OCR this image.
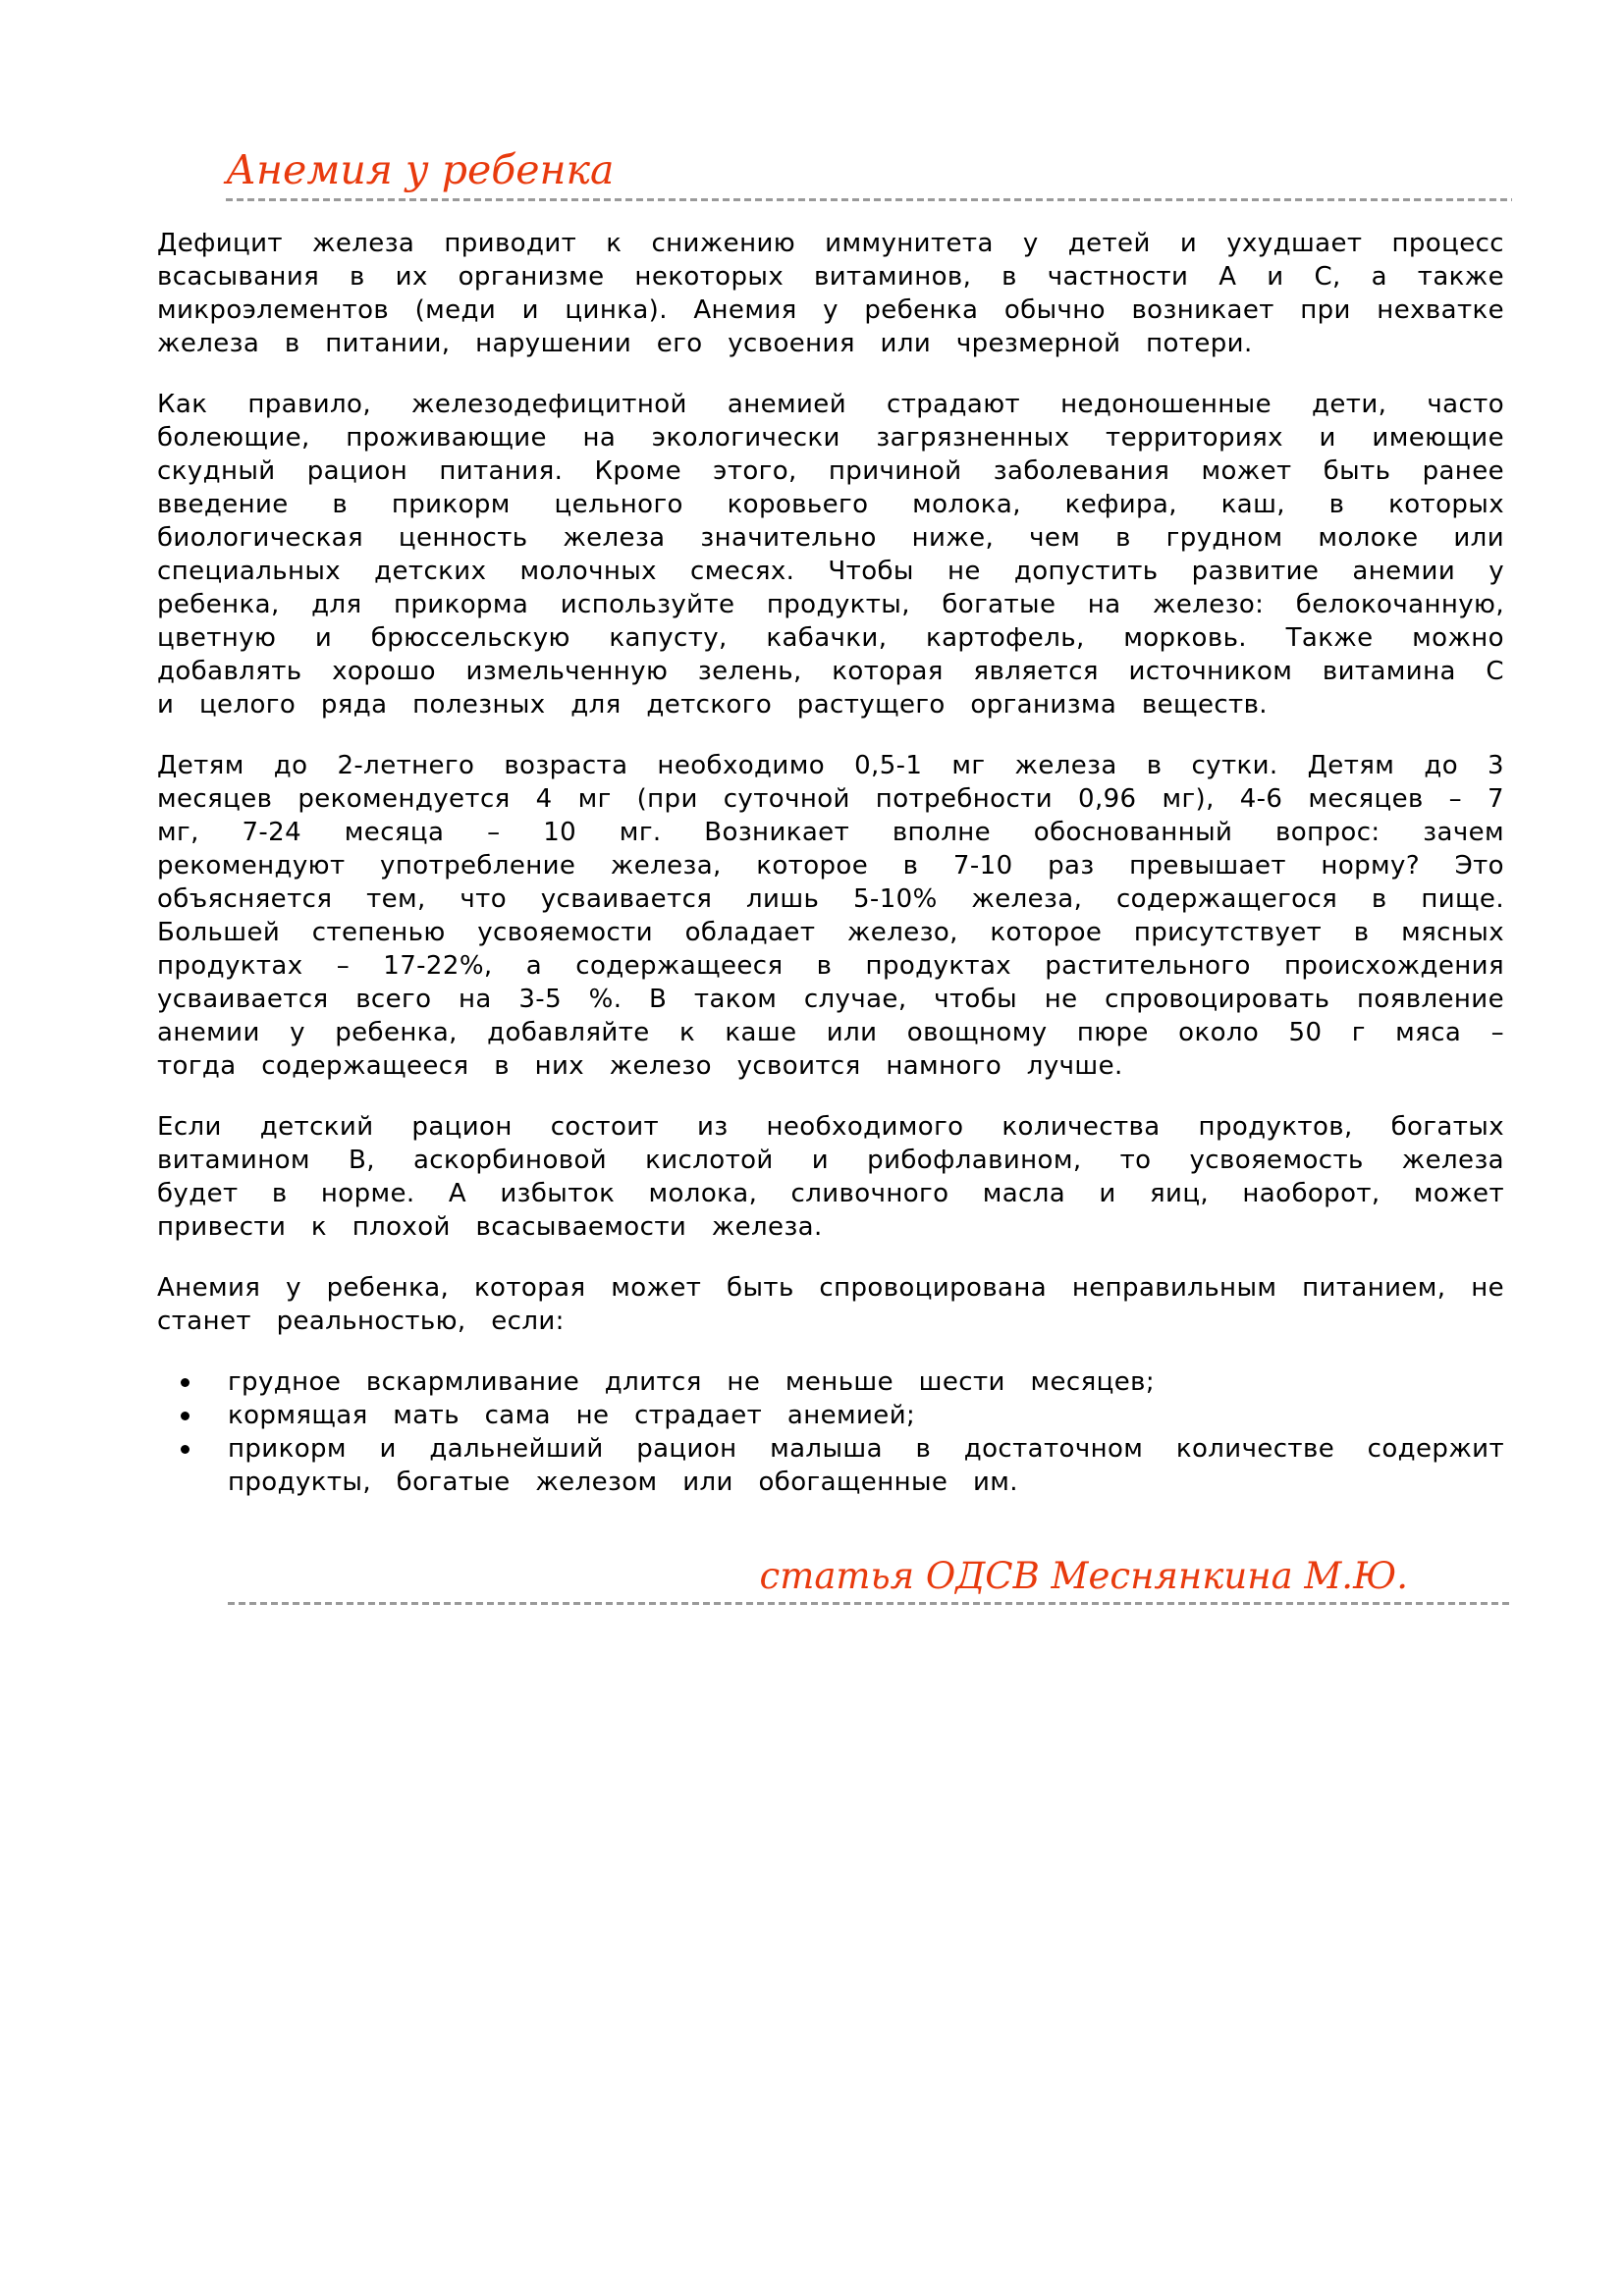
Анемия у ребенка

Дефицит железа приводит к снижению иммунитета у детей и ухудшает процесс всасывания в их организме некоторых витаминов, в частности А и С, а также микроэлементов (меди и цинка). Анемия у ребенка обычно возникает при нехватке железа в питании, нарушении его усвоения или чрезмерной потери.

Как правило, железодефицитной анемией страдают недоношенные дети, часто болеющие, проживающие на экологически загрязненных территориях и имеющие скудный рацион питания. Кроме этого, причиной заболевания может быть ранее введение в прикорм цельного коровьего молока, кефира, каш, в которых биологическая ценность железа значительно ниже, чем в грудном молоке или специальных детских молочных смесях. Чтобы не допустить развитие анемии у ребенка, для прикорма используйте продукты, богатые на железо: белокочанную, цветную и брюссельскую капусту, кабачки, картофель, морковь. Также можно добавлять хорошо измельченную зелень, которая является источником витамина С и целого ряда полезных для детского растущего организма веществ.

Детям до 2-летнего возраста необходимо 0,5-1 мг железа в сутки. Детям до 3 месяцев рекомендуется 4 мг (при суточной потребности 0,96 мг), 4-6 месяцев – 7 мг, 7-24 месяца – 10 мг. Возникает вполне обоснованный вопрос: зачем рекомендуют употребление железа, которое в 7-10 раз превышает норму? Это объясняется тем, что усваивается лишь 5-10% железа, содержащегося в пище. Большей степенью усвояемости обладает железо, которое присутствует в мясных продуктах – 17-22%, а содержащееся в продуктах растительного происхождения усваивается всего на 3-5 %. В таком случае, чтобы не спровоцировать появление анемии у ребенка, добавляйте к каше или овощному пюре около 50 г мяса – тогда содержащееся в них железо усвоится намного лучше.

Если детский рацион состоит из необходимого количества продуктов, богатых витамином В, аскорбиновой кислотой и рибофлавином, то усвояемость железа будет в норме. А избыток молока, сливочного масла и яиц, наоборот, может привести к плохой всасываемости железа.

Анемия у ребенка, которая может быть спровоцирована неправильным питанием, не станет реальностью, если:

грудное вскармливание длится не меньше шести месяцев;
кормящая мать сама не страдает анемией;
прикорм и дальнейший рацион малыша в достаточном количестве содержит продукты, богатые железом или обогащенные им.
статья ОДСВ Меснянкина М.Ю.
